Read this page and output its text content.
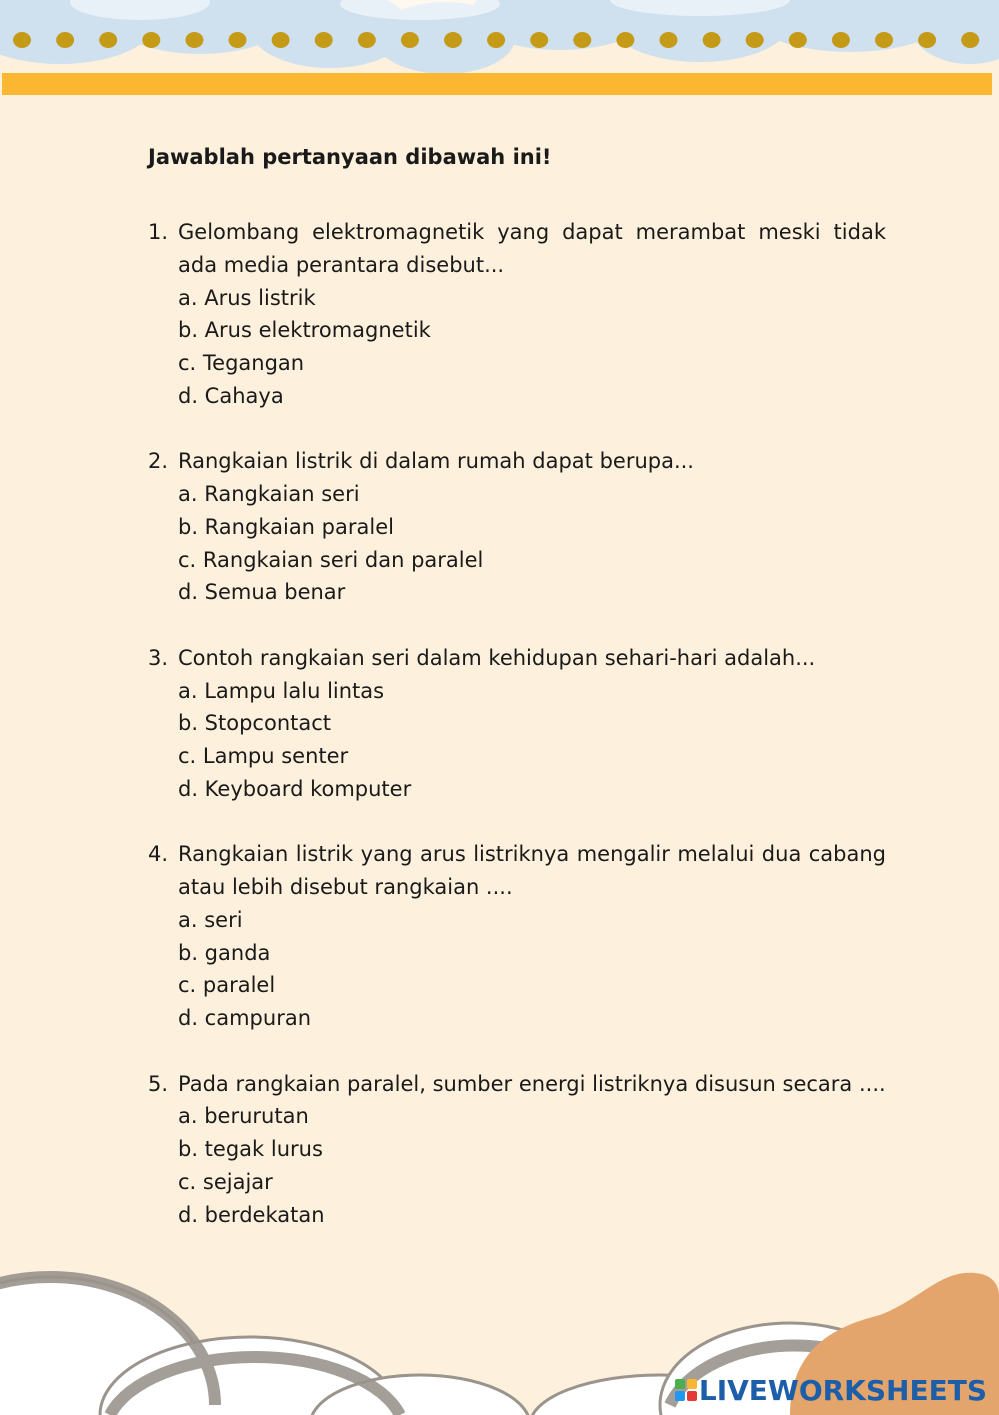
Jawablah pertanyaan dibawah ini!
1. Gelombang elektromagnetik yang dapat merambat meski tidak ada media perantara disebut...
a. Arus listrik
b. Arus elektromagnetik
c. Tegangan
d. Cahaya
2. Rangkaian listrik di dalam rumah dapat berupa...
a. Rangkaian seri
b. Rangkaian paralel
c. Rangkaian seri dan paralel
d. Semua benar
3. Contoh rangkaian seri dalam kehidupan sehari-hari adalah...
a. Lampu lalu lintas
b. Stopcontact
c. Lampu senter
d. Keyboard komputer
4. Rangkaian listrik yang arus listriknya mengalir melalui dua cabang atau lebih disebut rangkaian ....
a. seri
b. ganda
c. paralel
d. campuran
5. Pada rangkaian paralel, sumber energi listriknya disusun secara ....
a. berurutan
b. tegak lurus
c. sejajar
d. berdekatan
LIVEWORKSHEETS
